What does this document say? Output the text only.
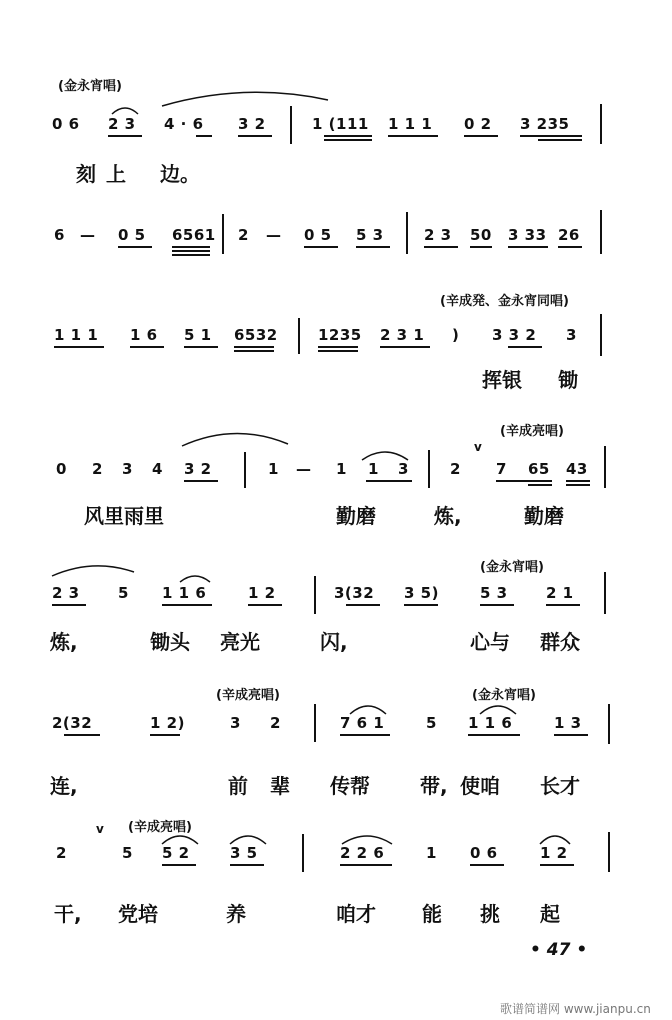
(金永宵唱)
0 6 2 3 4 · 6 3 2	1 (111 1 1 1 0 2 3 235
刻 上 边。
6 — 0 5 6561 2 — 0 5 5 3	2 3 50 3 33 26
(辛成発、金永宵同唱)
1 1 1 1 6 5 1 6532	1235 2 3 1 ) 3 3 2 3
挥银 锄
(辛成亮唱)
v
0 2 3 4 3 2	1 — 1 1 3	2 7 65 43
风里雨里	勤磨	炼,	勤磨
(金永宵唱)
2 3	5 1 1 6	1 2	3(32 3 5)	5 3	2 1
炼,	锄头 亮光	闪,	心与 群众
(辛成亮唱)	(金永宵唱)
2(32	1 2)	3 2	7 6 1	5 1 1 6	1 3
连,	前 辈 传帮	带, 使咱 长才
(辛成亮唱)
v
2	5 5 2	3 5	2 2 6	1 0 6	1 2
干, 党培	养	咱才 能 挑 起
• 47 •
歌谱简谱网 www.jianpu.cn
